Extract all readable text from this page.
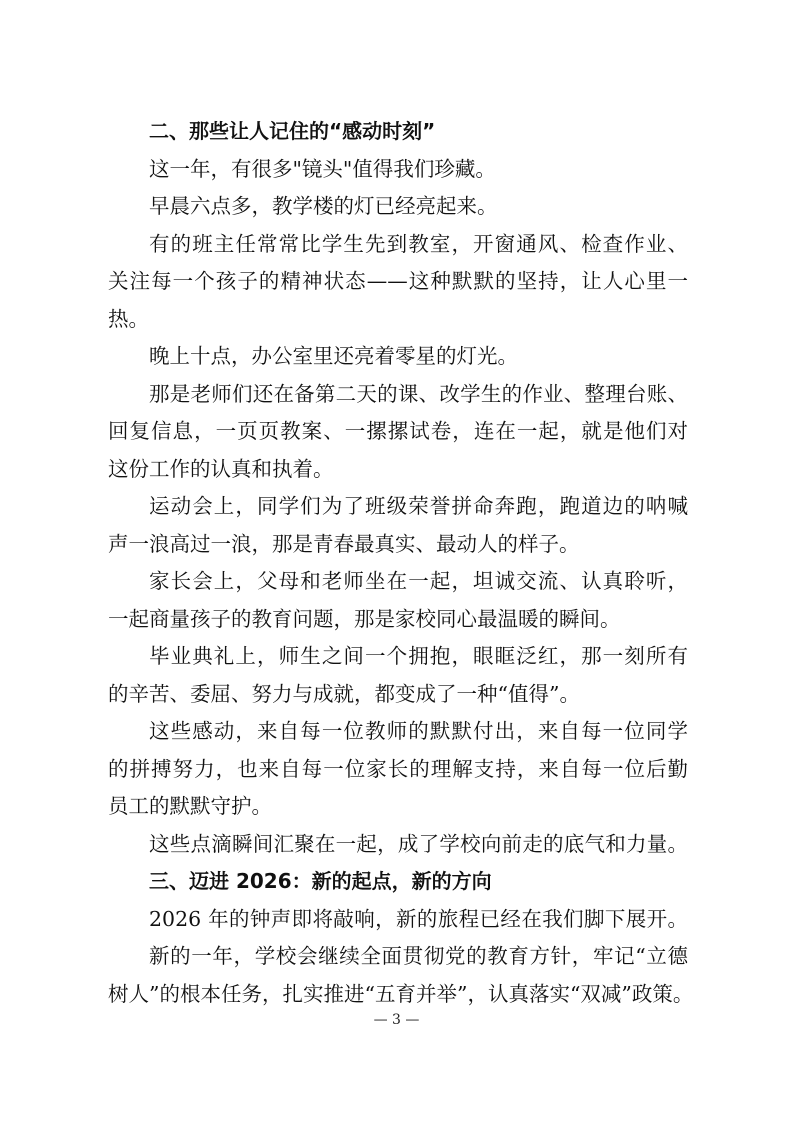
二、那些让人记住的“感动时刻”
这一年，有很多"镜头"值得我们珍藏。
早晨六点多，教学楼的灯已经亮起来。
有的班主任常常比学生先到教室，开窗通风、检查作业、
关注每一个孩子的精神状态——这种默默的坚持，让人心里一
热。
晚上十点，办公室里还亮着零星的灯光。
那是老师们还在备第二天的课、改学生的作业、整理台账、
回复信息，一页页教案、一摞摞试卷，连在一起，就是他们对
这份工作的认真和执着。
运动会上，同学们为了班级荣誉拼命奔跑，跑道边的呐喊
声一浪高过一浪，那是青春最真实、最动人的样子。
家长会上，父母和老师坐在一起，坦诚交流、认真聆听，
一起商量孩子的教育问题，那是家校同心最温暖的瞬间。
毕业典礼上，师生之间一个拥抱，眼眶泛红，那一刻所有
的辛苦、委屈、努力与成就，都变成了一种“值得”。
这些感动，来自每一位教师的默默付出，来自每一位同学
的拼搏努力，也来自每一位家长的理解支持，来自每一位后勤
员工的默默守护。
这些点滴瞬间汇聚在一起，成了学校向前走的底气和力量。
三、迈进 2026：新的起点，新的方向
2026 年的钟声即将敲响，新的旅程已经在我们脚下展开。
新的一年，学校会继续全面贯彻党的教育方针，牢记“立德
树人”的根本任务，扎实推进“五育并举”，认真落实“双减”政策。
— 3 —
